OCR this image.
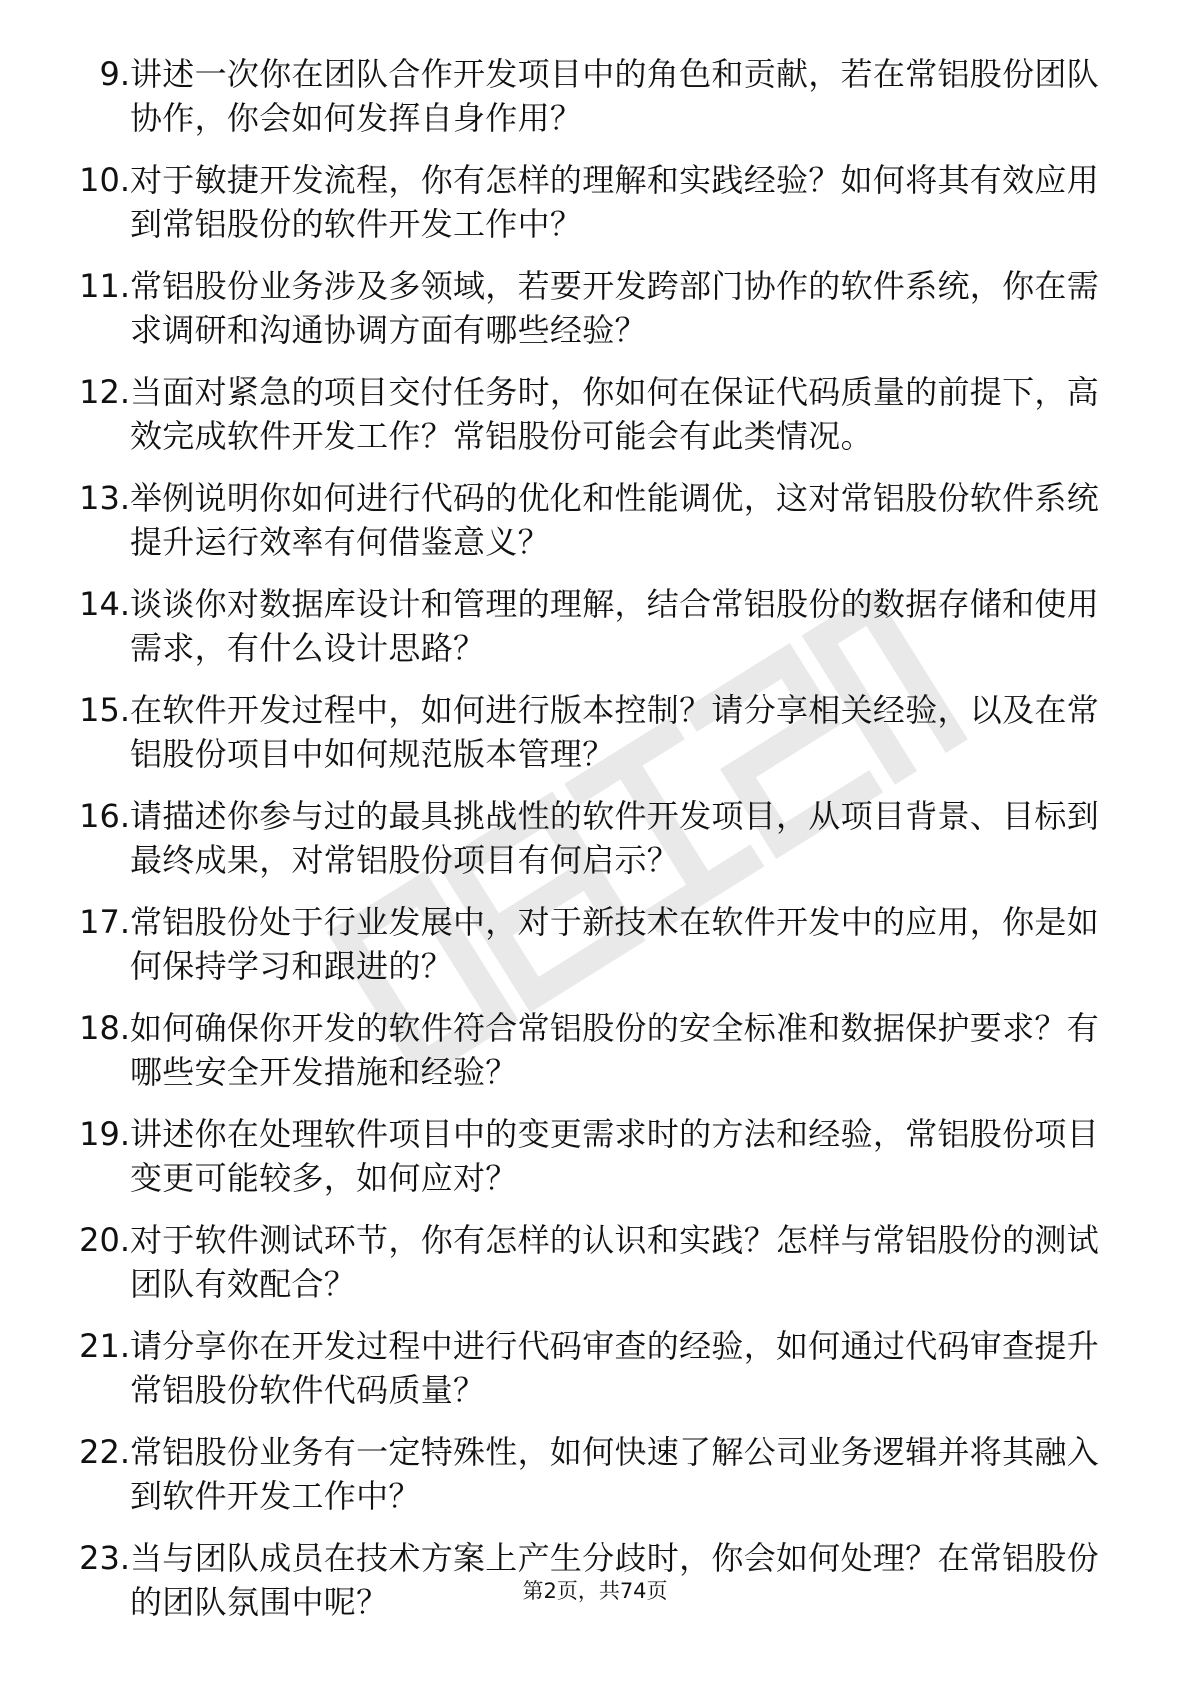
9. 讲述一次你在团队合作开发项目中的角色和贡献，若在常铝股份团队协作，你会如何发挥自身作用？
10. 对于敏捷开发流程，你有怎样的理解和实践经验？如何将其有效应用到常铝股份的软件开发工作中？
11. 常铝股份业务涉及多领域，若要开发跨部门协作的软件系统，你在需求调研和沟通协调方面有哪些经验？
12. 当面对紧急的项目交付任务时，你如何在保证代码质量的前提下，高效完成软件开发工作？常铝股份可能会有此类情况。
13. 举例说明你如何进行代码的优化和性能调优，这对常铝股份软件系统提升运行效率有何借鉴意义？
14. 谈谈你对数据库设计和管理的理解，结合常铝股份的数据存储和使用需求，有什么设计思路？
15. 在软件开发过程中，如何进行版本控制？请分享相关经验，以及在常铝股份项目中如何规范版本管理？
16. 请描述你参与过的最具挑战性的软件开发项目，从项目背景、目标到最终成果，对常铝股份项目有何启示？
17. 常铝股份处于行业发展中，对于新技术在软件开发中的应用，你是如何保持学习和跟进的？
18. 如何确保你开发的软件符合常铝股份的安全标准和数据保护要求？有哪些安全开发措施和经验？
19. 讲述你在处理软件项目中的变更需求时的方法和经验，常铝股份项目变更可能较多，如何应对？
20. 对于软件测试环节，你有怎样的认识和实践？怎样与常铝股份的测试团队有效配合？
21. 请分享你在开发过程中进行代码审查的经验，如何通过代码审查提升常铝股份软件代码质量？
22. 常铝股份业务有一定特殊性，如何快速了解公司业务逻辑并将其融入到软件开发工作中？
23. 当与团队成员在技术方案上产生分歧时，你会如何处理？在常铝股份的团队氛围中呢？	第2页，共74页
